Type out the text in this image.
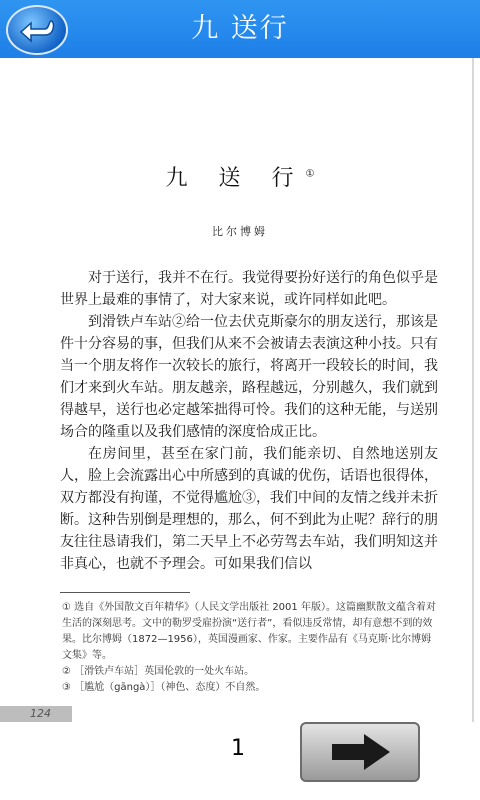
九 送行
九 送 行①
比尔博姆

对于送行，我并不在行。我觉得要扮好送行的角色似乎是世界上最难的事情了，对大家来说，或许同样如此吧。

到滑铁卢车站②给一位去伏克斯豪尔的朋友送行，那该是件十分容易的事，但我们从来不会被请去表演这种小技。只有当一个朋友将作一次较长的旅行，将离开一段较长的时间，我们才来到火车站。朋友越亲，路程越远，分别越久，我们就到得越早，送行也必定越笨拙得可怜。我们的这种无能，与送别场合的隆重以及我们感情的深度恰成正比。

在房间里，甚至在家门前，我们能亲切、自然地送别友人，脸上会流露出心中所感到的真诚的优伤，话语也很得体，双方都没有拘谨，不觉得尴尬③，我们中间的友情之线并未折断。这种告别倒是理想的，那么，何不到此为止呢？辞行的朋友往往恳请我们，第二天早上不必劳驾去车站，我们明知这并非真心，也就不予理会。可如果我们信以

① 选自《外国散文百年精华》（人民文学出版社 2001 年版）。这篇幽默散文蕴含着对生活的深刻思考。文中的勒罗受雇扮演“送行者”，看似违反常情，却有意想不到的效果。比尔博姆（1872—1956），英国漫画家、作家。主要作品有《马克斯·比尔博姆文集》等。

② ［滑铁卢车站］英国伦敦的一处火车站。

③ ［尴尬（gāngà）］（神色、态度）不自然。

124
1
